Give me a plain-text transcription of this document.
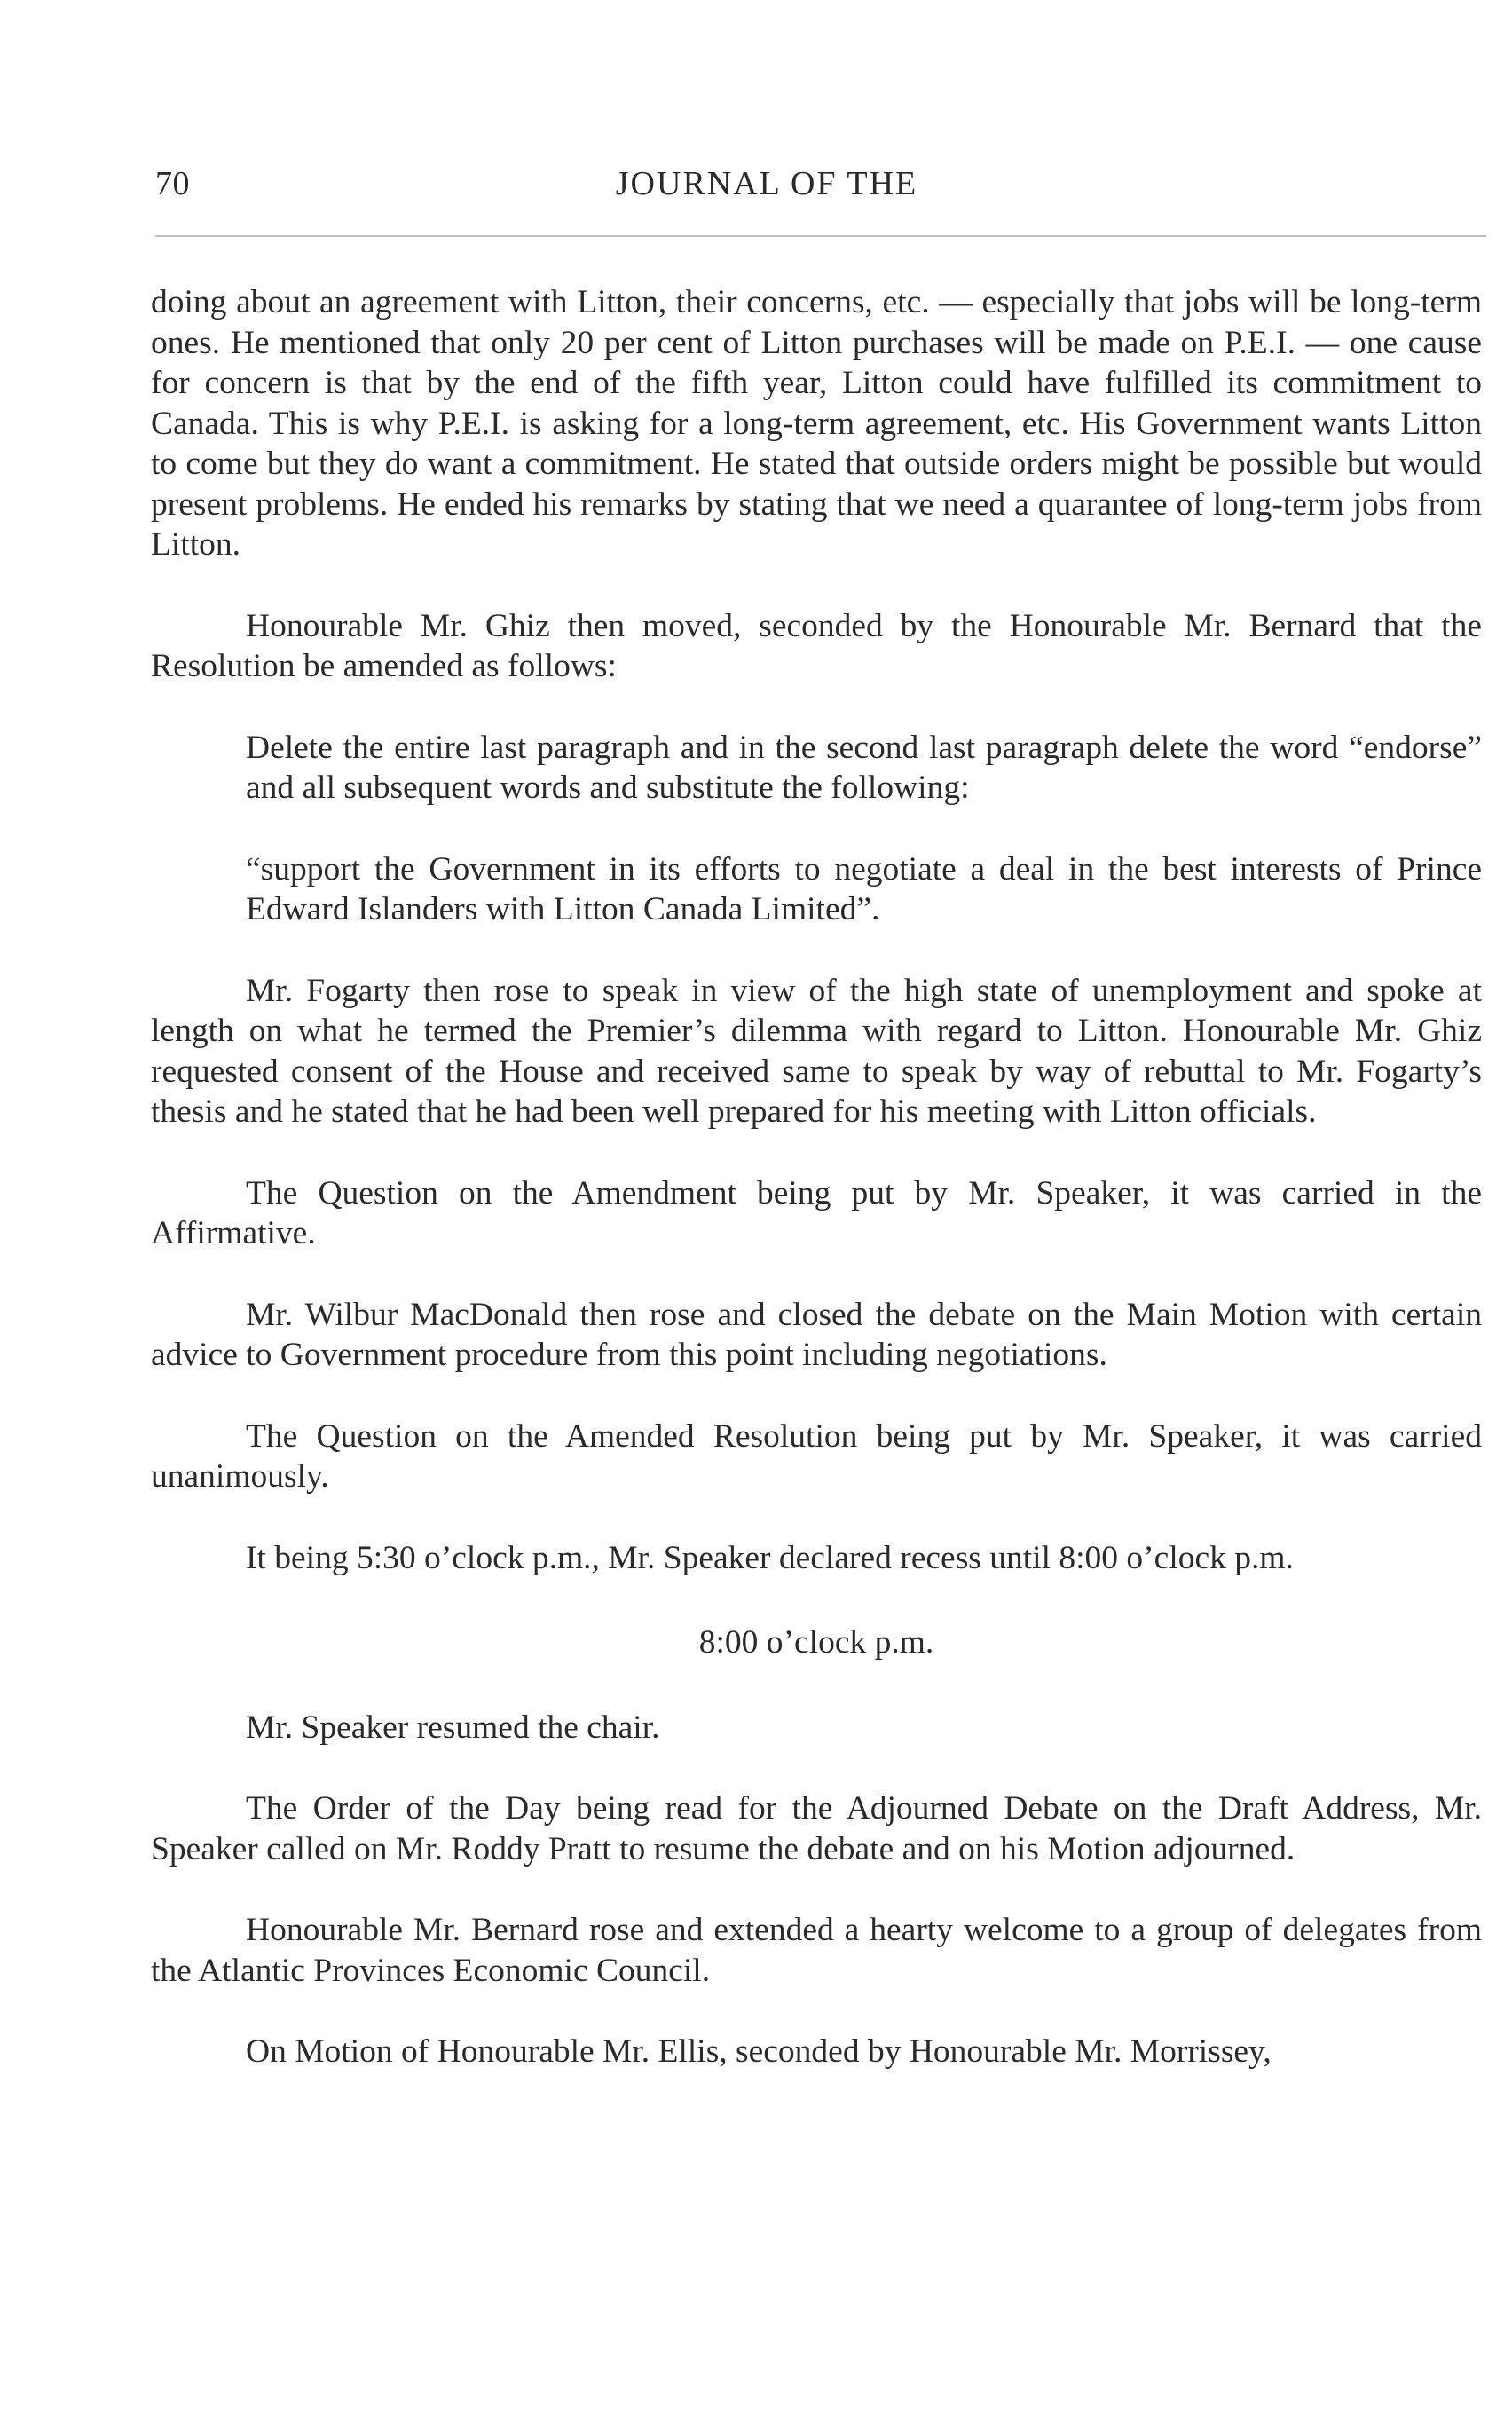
70	JOURNAL OF THE

doing about an agreement with Litton, their concerns, etc. — especially that jobs will be long-term ones. He mentioned that only 20 per cent of Litton purchases will be made on P.E.I. — one cause for concern is that by the end of the fifth year, Litton could have fulfilled its commitment to Canada. This is why P.E.I. is asking for a long-term agreement, etc. His Government wants Litton to come but they do want a commitment. He stated that outside orders might be possible but would present problems. He ended his remarks by stating that we need a quarantee of long-term jobs from Litton.

Honourable Mr. Ghiz then moved, seconded by the Honourable Mr. Bernard that the Resolution be amended as follows:

Delete the entire last paragraph and in the second last paragraph delete the word “endorse” and all subsequent words and substitute the following:

“support the Government in its efforts to negotiate a deal in the best interests of Prince Edward Islanders with Litton Canada Limited”.

Mr. Fogarty then rose to speak in view of the high state of unemployment and spoke at length on what he termed the Premier’s dilemma with regard to Litton. Honourable Mr. Ghiz requested consent of the House and received same to speak by way of rebuttal to Mr. Fogarty’s thesis and he stated that he had been well prepared for his meeting with Litton officials.

The Question on the Amendment being put by Mr. Speaker, it was carried in the Affirmative.

Mr. Wilbur MacDonald then rose and closed the debate on the Main Motion with certain advice to Government procedure from this point including negotiations.

The Question on the Amended Resolution being put by Mr. Speaker, it was carried unanimously.

It being 5:30 o’clock p.m., Mr. Speaker declared recess until 8:00 o’clock p.m.

8:00 o’clock p.m.

Mr. Speaker resumed the chair.

The Order of the Day being read for the Adjourned Debate on the Draft Address, Mr. Speaker called on Mr. Roddy Pratt to resume the debate and on his Motion adjourned.

Honourable Mr. Bernard rose and extended a hearty welcome to a group of delegates from the Atlantic Provinces Economic Council.

On Motion of Honourable Mr. Ellis, seconded by Honourable Mr. Morrissey,
